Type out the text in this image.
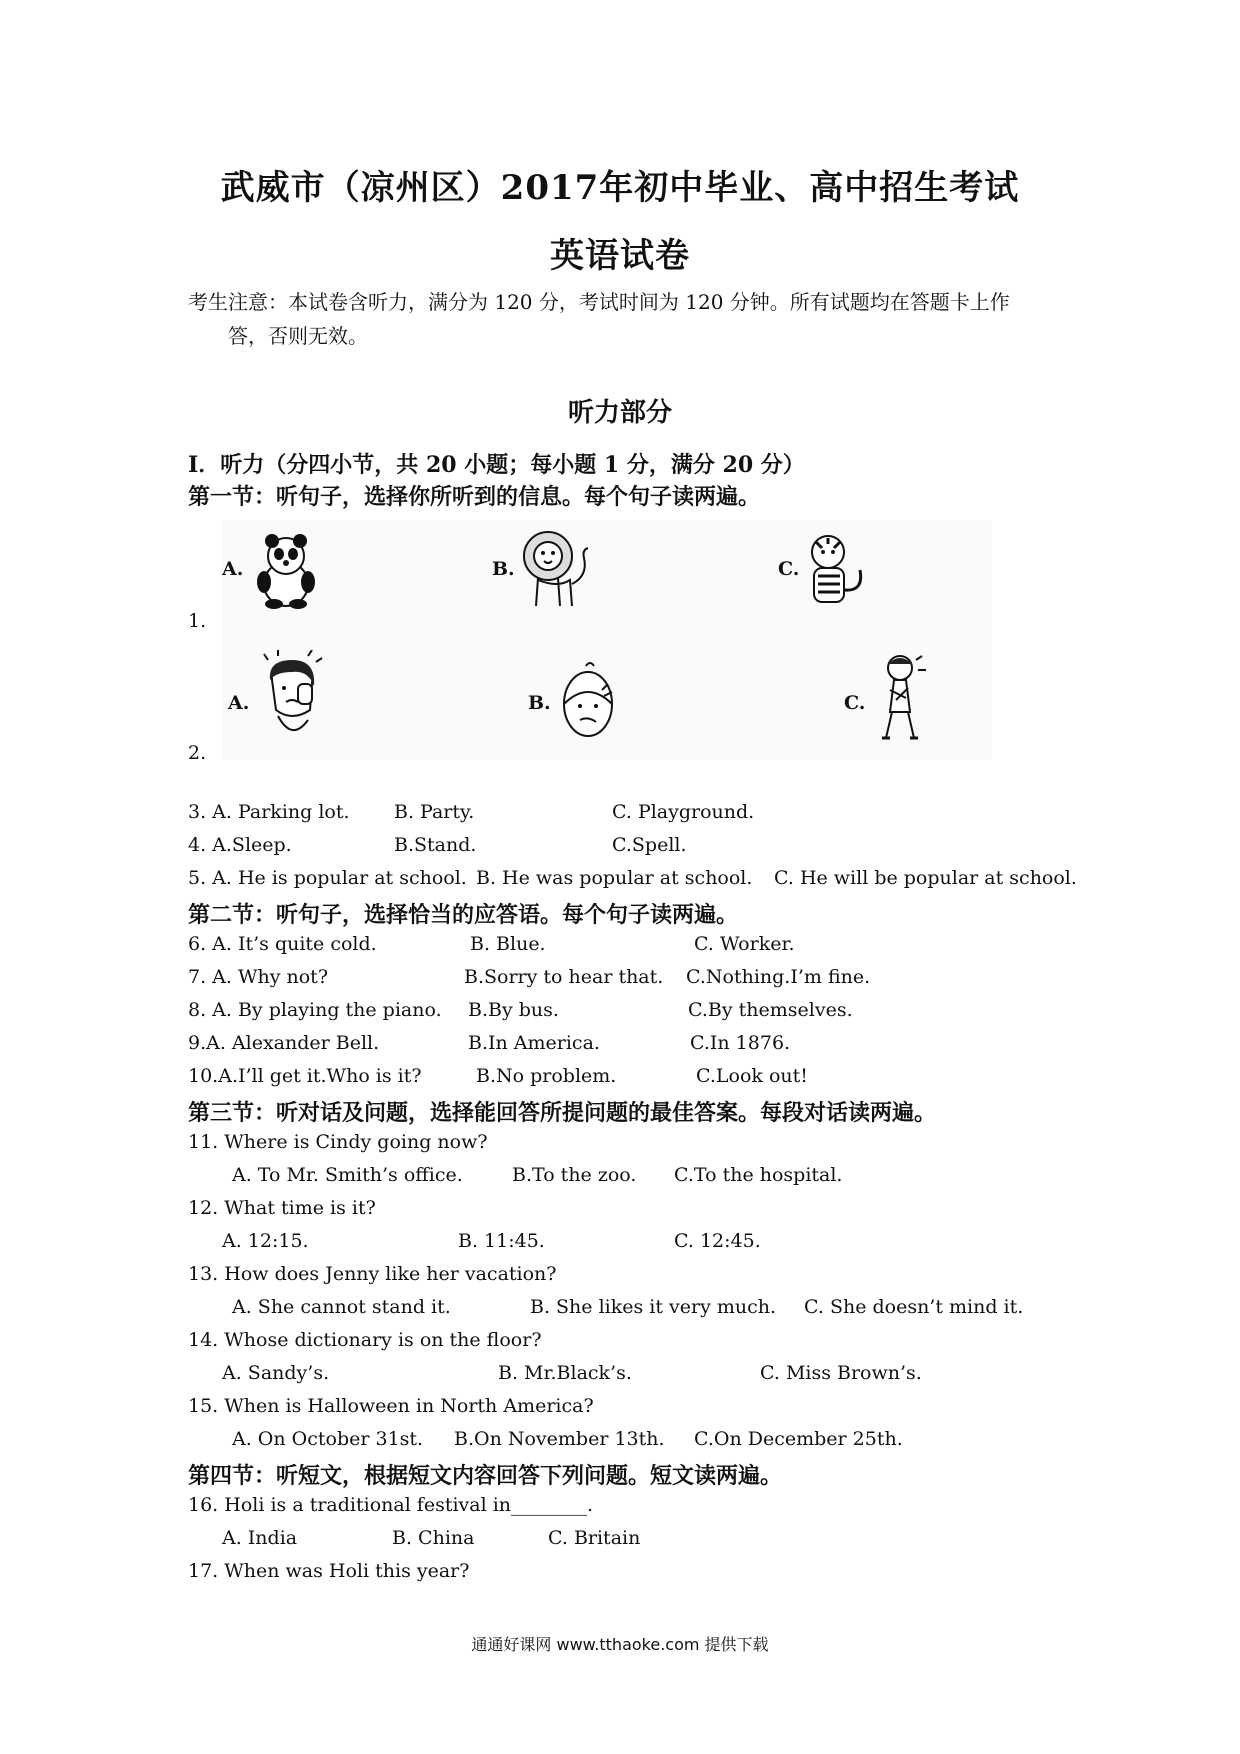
武威市（凉州区）2017年初中毕业、高中招生考试
英语试卷
考生注意：本试卷含听力，满分为 120 分，考试时间为 120 分钟。所有试题均在答题卡上作
答，否则无效。
听力部分
I．听力（分四小节，共 20 小题；每小题 1 分，满分 20 分）
第一节：听句子，选择你所听到的信息。每个句子读两遍。
A.	B.	C.
1.
A.	B.	C.
2.
3. A. Parking lot. B. Party.	C. Playground.
4. A.Sleep.	B.Stand.	C.Spell.
5. A. He is popular at school. B. He was popular at school. C. He will be popular at school.
第二节：听句子，选择恰当的应答语。每个句子读两遍。
6. A. It’s quite cold.	B. Blue.	C. Worker.
7. A. Why not?	B.Sorry to hear that. C.Nothing.I’m fine.
8. A. By playing the piano. B.By bus.	C.By themselves.
9.A. Alexander Bell.	B.In America.	C.In 1876.
10.A.I’ll get it.Who is it?	B.No problem.	C.Look out!
第三节：听对话及问题，选择能回答所提问题的最佳答案。每段对话读两遍。
11. Where is Cindy going now?
A. To Mr. Smith’s office.	B.To the zoo. C.To the hospital.
12. What time is it?
A. 12:15.	B. 11:45.	C. 12:45.
13. How does Jenny like her vacation?
A. She cannot stand it.	B. She likes it very much. C. She doesn’t mind it.
14. Whose dictionary is on the floor?
A. Sandy’s.	B. Mr.Black’s.	C. Miss Brown’s.
15. When is Halloween in North America?
A. On October 31st. B.On November 13th. C.On December 25th.
第四节：听短文，根据短文内容回答下列问题。短文读两遍。
16. Holi is a traditional festival in________.
A. India	B. China	C. Britain
17. When was Holi this year?
通通好课网 www.tthaoke.com 提供下载
